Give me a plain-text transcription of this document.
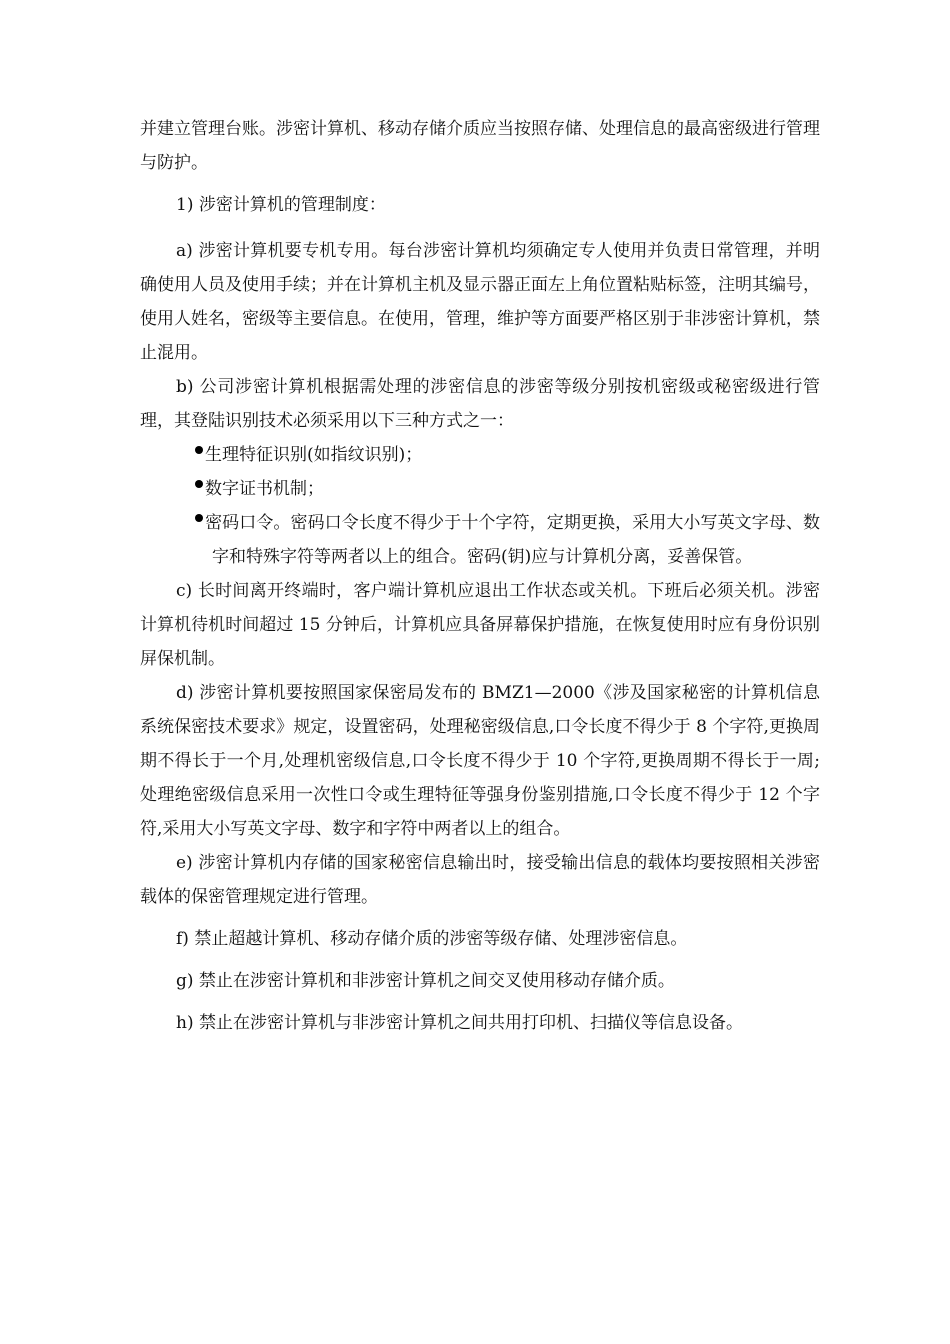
并建立管理台账。涉密计算机、移动存储介质应当按照存储、处理信息的最高密级进行管理与防护。

1) 涉密计算机的管理制度：

a) 涉密计算机要专机专用。每台涉密计算机均须确定专人使用并负责日常管理，并明确使用人员及使用手续；并在计算机主机及显示器正面左上角位置粘贴标签，注明其编号，使用人姓名，密级等主要信息。在使用，管理，维护等方面要严格区别于非涉密计算机，禁止混用。

b) 公司涉密计算机根据需处理的涉密信息的涉密等级分别按机密级或秘密级进行管理，其登陆识别技术必须采用以下三种方式之一：

生理特征识别(如指纹识别)；

数字证书机制；

密码口令。密码口令长度不得少于十个字符，定期更换，采用大小写英文字母、数字和特殊字符等两者以上的组合。密码(钥)应与计算机分离，妥善保管。

c) 长时间离开终端时，客户端计算机应退出工作状态或关机。下班后必须关机。涉密计算机待机时间超过 15 分钟后，计算机应具备屏幕保护措施，在恢复使用时应有身份识别屏保机制。

d) 涉密计算机要按照国家保密局发布的 BMZ1—2000《涉及国家秘密的计算机信息系统保密技术要求》规定，设置密码，处理秘密级信息,口令长度不得少于 8 个字符,更换周期不得长于一个月,处理机密级信息,口令长度不得少于 10 个字符,更换周期不得长于一周;处理绝密级信息采用一次性口令或生理特征等强身份鉴别措施,口令长度不得少于 12 个字符,采用大小写英文字母、数字和字符中两者以上的组合。

e) 涉密计算机内存储的国家秘密信息输出时，接受输出信息的载体均要按照相关涉密载体的保密管理规定进行管理。

f) 禁止超越计算机、移动存储介质的涉密等级存储、处理涉密信息。

g) 禁止在涉密计算机和非涉密计算机之间交叉使用移动存储介质。

h) 禁止在涉密计算机与非涉密计算机之间共用打印机、扫描仪等信息设备。
